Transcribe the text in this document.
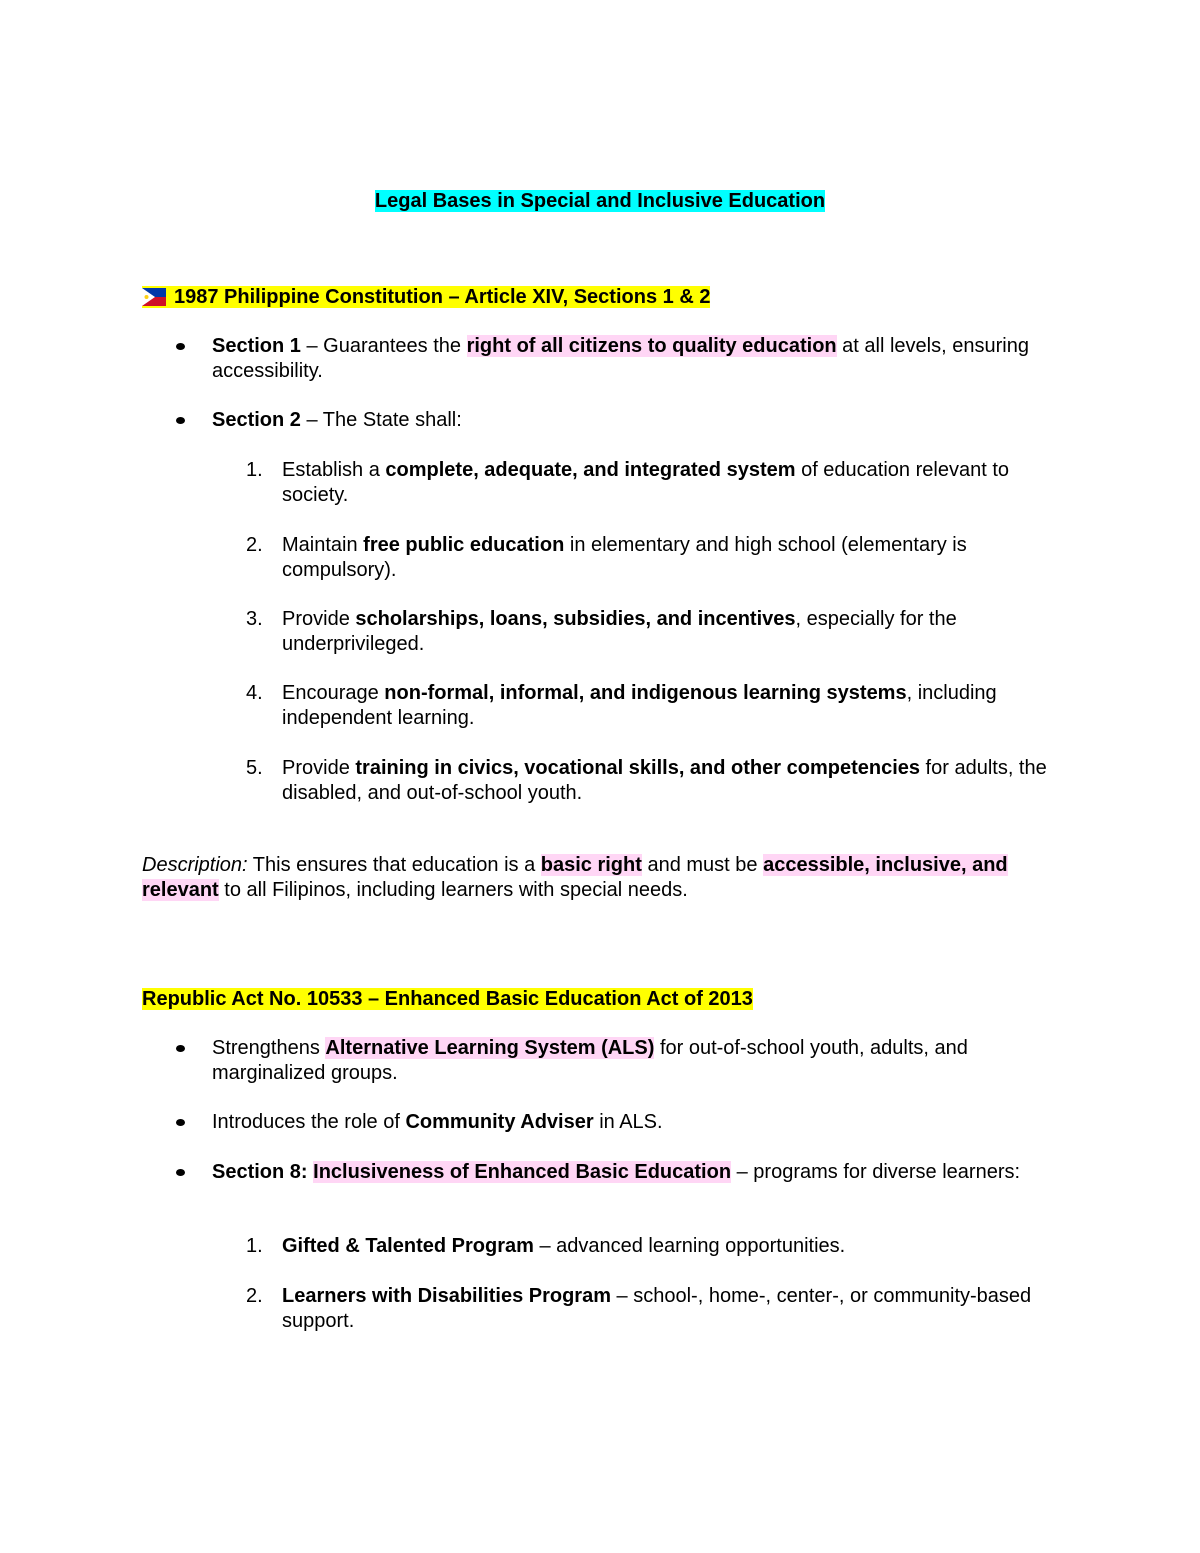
Legal Bases in Special and Inclusive Education
1987 Philippine Constitution – Article XIV, Sections 1 & 2
Section 1 – Guarantees the right of all citizens to quality education at all levels, ensuring accessibility.
Section 2 – The State shall:
1. Establish a complete, adequate, and integrated system of education relevant to society.
2. Maintain free public education in elementary and high school (elementary is compulsory).
3. Provide scholarships, loans, subsidies, and incentives, especially for the underprivileged.
4. Encourage non-formal, informal, and indigenous learning systems, including independent learning.
5. Provide training in civics, vocational skills, and other competencies for adults, the disabled, and out-of-school youth.
Description: This ensures that education is a basic right and must be accessible, inclusive, and relevant to all Filipinos, including learners with special needs.
Republic Act No. 10533 – Enhanced Basic Education Act of 2013
Strengthens Alternative Learning System (ALS) for out-of-school youth, adults, and marginalized groups.
Introduces the role of Community Adviser in ALS.
Section 8: Inclusiveness of Enhanced Basic Education – programs for diverse learners:
1. Gifted & Talented Program – advanced learning opportunities.
2. Learners with Disabilities Program – school-, home-, center-, or community-based support.
